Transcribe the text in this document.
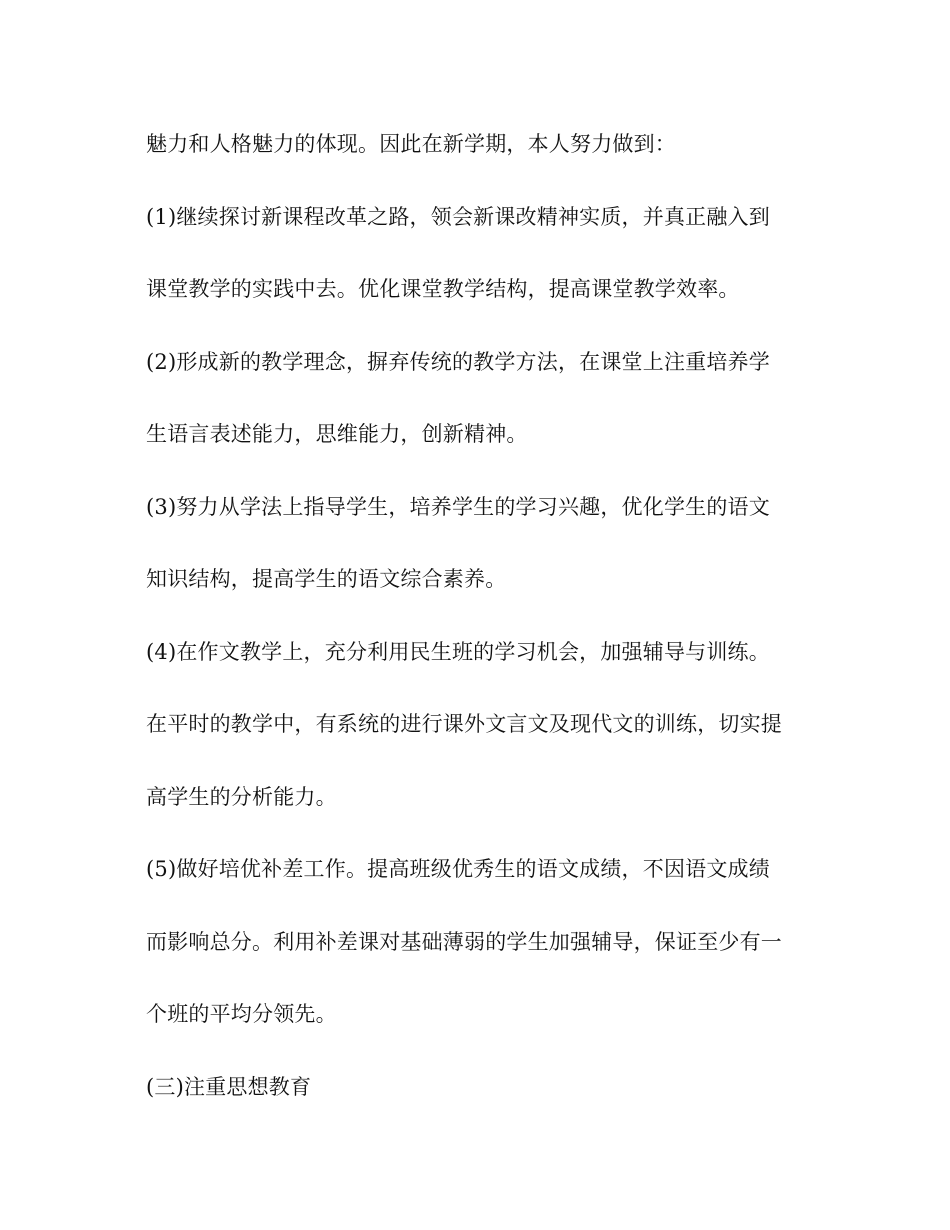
魅力和人格魅力的体现。因此在新学期，本人努力做到：
(1)继续探讨新课程改革之路，领会新课改精神实质，并真正融入到
课堂教学的实践中去。优化课堂教学结构，提高课堂教学效率。
(2)形成新的教学理念，摒弃传统的教学方法，在课堂上注重培养学
生语言表述能力，思维能力，创新精神。
(3)努力从学法上指导学生，培养学生的学习兴趣，优化学生的语文
知识结构，提高学生的语文综合素养。
(4)在作文教学上，充分利用民生班的学习机会，加强辅导与训练。
在平时的教学中，有系统的进行课外文言文及现代文的训练，切实提
高学生的分析能力。
(5)做好培优补差工作。提高班级优秀生的语文成绩，不因语文成绩
而影响总分。利用补差课对基础薄弱的学生加强辅导，保证至少有一
个班的平均分领先。
(三)注重思想教育
